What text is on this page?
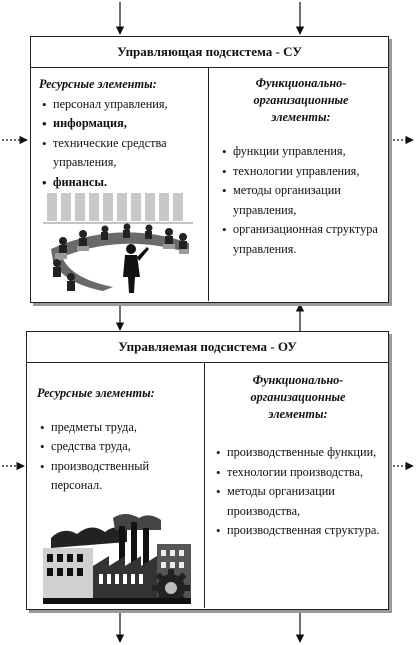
Управляющая подсистема - СУ
Ресурсные элементы:
• персонал управления,
• информация,
• технические средства управления,
• финансы.
Функционально-организационные элементы:
• функции управления,
• технологии управления,
• методы организации управления,
• организационная структура управления.
Управляемая подсистема - ОУ
Ресурсные элементы:
• предметы труда,
• средства труда,
• производственный персонал.
Функционально-организационные элементы:
• производственные функции,
• технологии производства,
• методы организации производства,
• производственная структура.
